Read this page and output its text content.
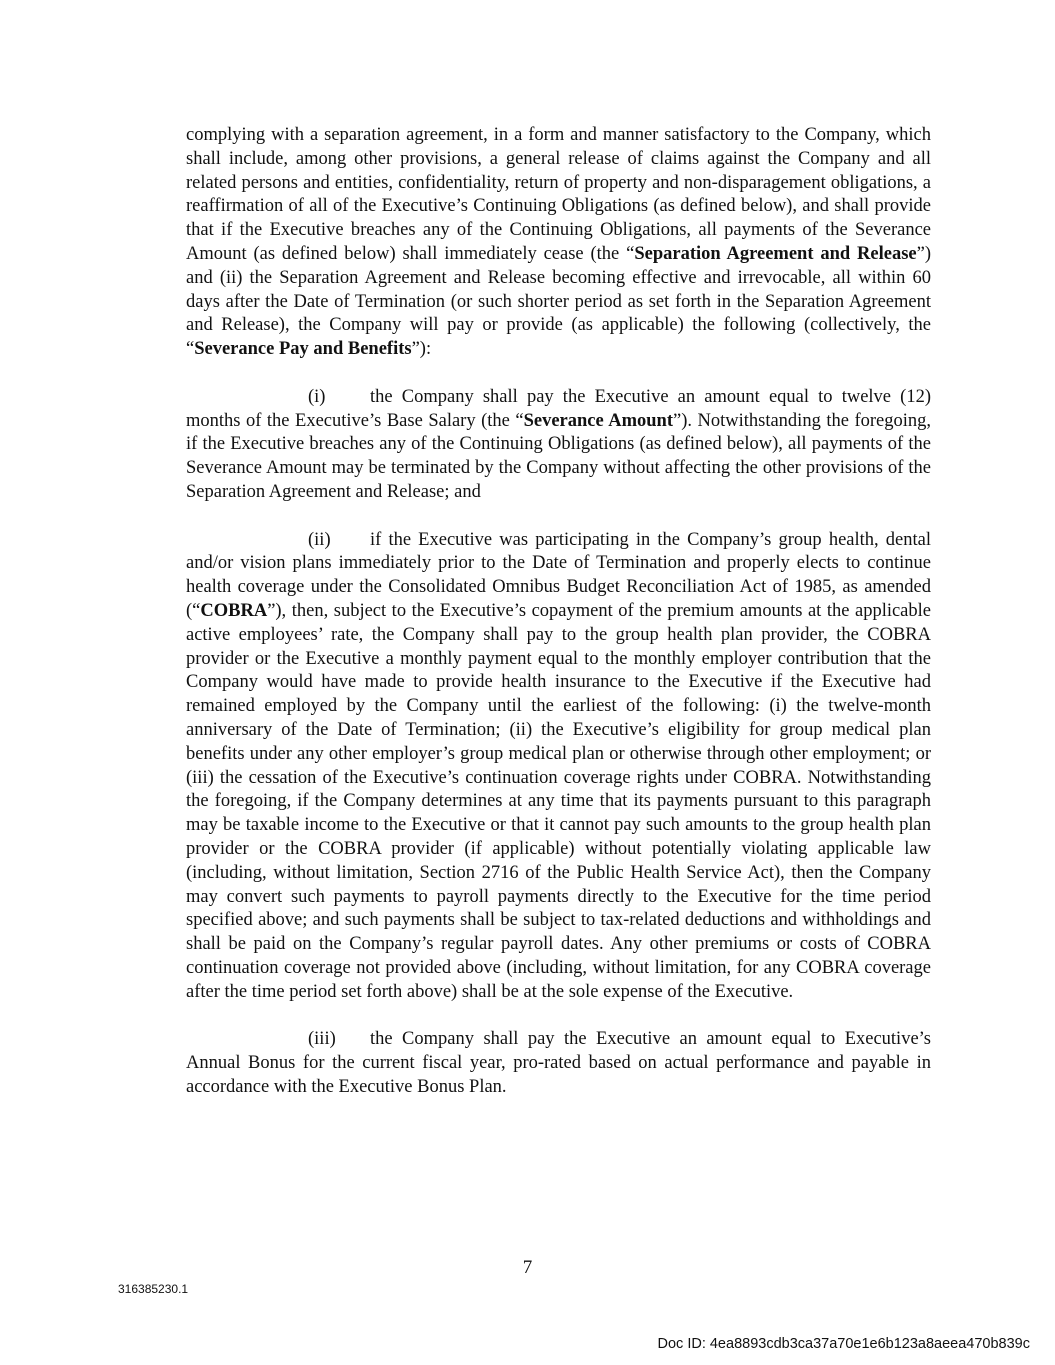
complying with a separation agreement, in a form and manner satisfactory to the Company, which shall include, among other provisions, a general release of claims against the Company and all related persons and entities, confidentiality, return of property and non-disparagement obligations, a reaffirmation of all of the Executive’s Continuing Obligations (as defined below), and shall provide that if the Executive breaches any of the Continuing Obligations, all payments of the Severance Amount (as defined below) shall immediately cease (the “Separation Agreement and Release”) and (ii) the Separation Agreement and Release becoming effective and irrevocable, all within 60 days after the Date of Termination (or such shorter period as set forth in the Separation Agreement and Release), the Company will pay or provide (as applicable) the following (collectively, the “Severance Pay and Benefits”):

(i) the Company shall pay the Executive an amount equal to twelve (12) months of the Executive’s Base Salary (the “Severance Amount”). Notwithstanding the foregoing, if the Executive breaches any of the Continuing Obligations (as defined below), all payments of the Severance Amount may be terminated by the Company without affecting the other provisions of the Separation Agreement and Release; and

(ii) if the Executive was participating in the Company’s group health, dental and/or vision plans immediately prior to the Date of Termination and properly elects to continue health coverage under the Consolidated Omnibus Budget Reconciliation Act of 1985, as amended (“COBRA”), then, subject to the Executive’s copayment of the premium amounts at the applicable active employees’ rate, the Company shall pay to the group health plan provider, the COBRA provider or the Executive a monthly payment equal to the monthly employer contribution that the Company would have made to provide health insurance to the Executive if the Executive had remained employed by the Company until the earliest of the following: (i) the twelve-month anniversary of the Date of Termination; (ii) the Executive’s eligibility for group medical plan benefits under any other employer’s group medical plan or otherwise through other employment; or (iii) the cessation of the Executive’s continuation coverage rights under COBRA. Notwithstanding the foregoing, if the Company determines at any time that its payments pursuant to this paragraph may be taxable income to the Executive or that it cannot pay such amounts to the group health plan provider or the COBRA provider (if applicable) without potentially violating applicable law (including, without limitation, Section 2716 of the Public Health Service Act), then the Company may convert such payments to payroll payments directly to the Executive for the time period specified above; and such payments shall be subject to tax-related deductions and withholdings and shall be paid on the Company’s regular payroll dates. Any other premiums or costs of COBRA continuation coverage not provided above (including, without limitation, for any COBRA coverage after the time period set forth above) shall be at the sole expense of the Executive.

(iii) the Company shall pay the Executive an amount equal to Executive’s Annual Bonus for the current fiscal year, pro-rated based on actual performance and payable in accordance with the Executive Bonus Plan.

7
316385230.1
Doc ID: 4ea8893cdb3ca37a70e1e6b123a8aeea470b839c
